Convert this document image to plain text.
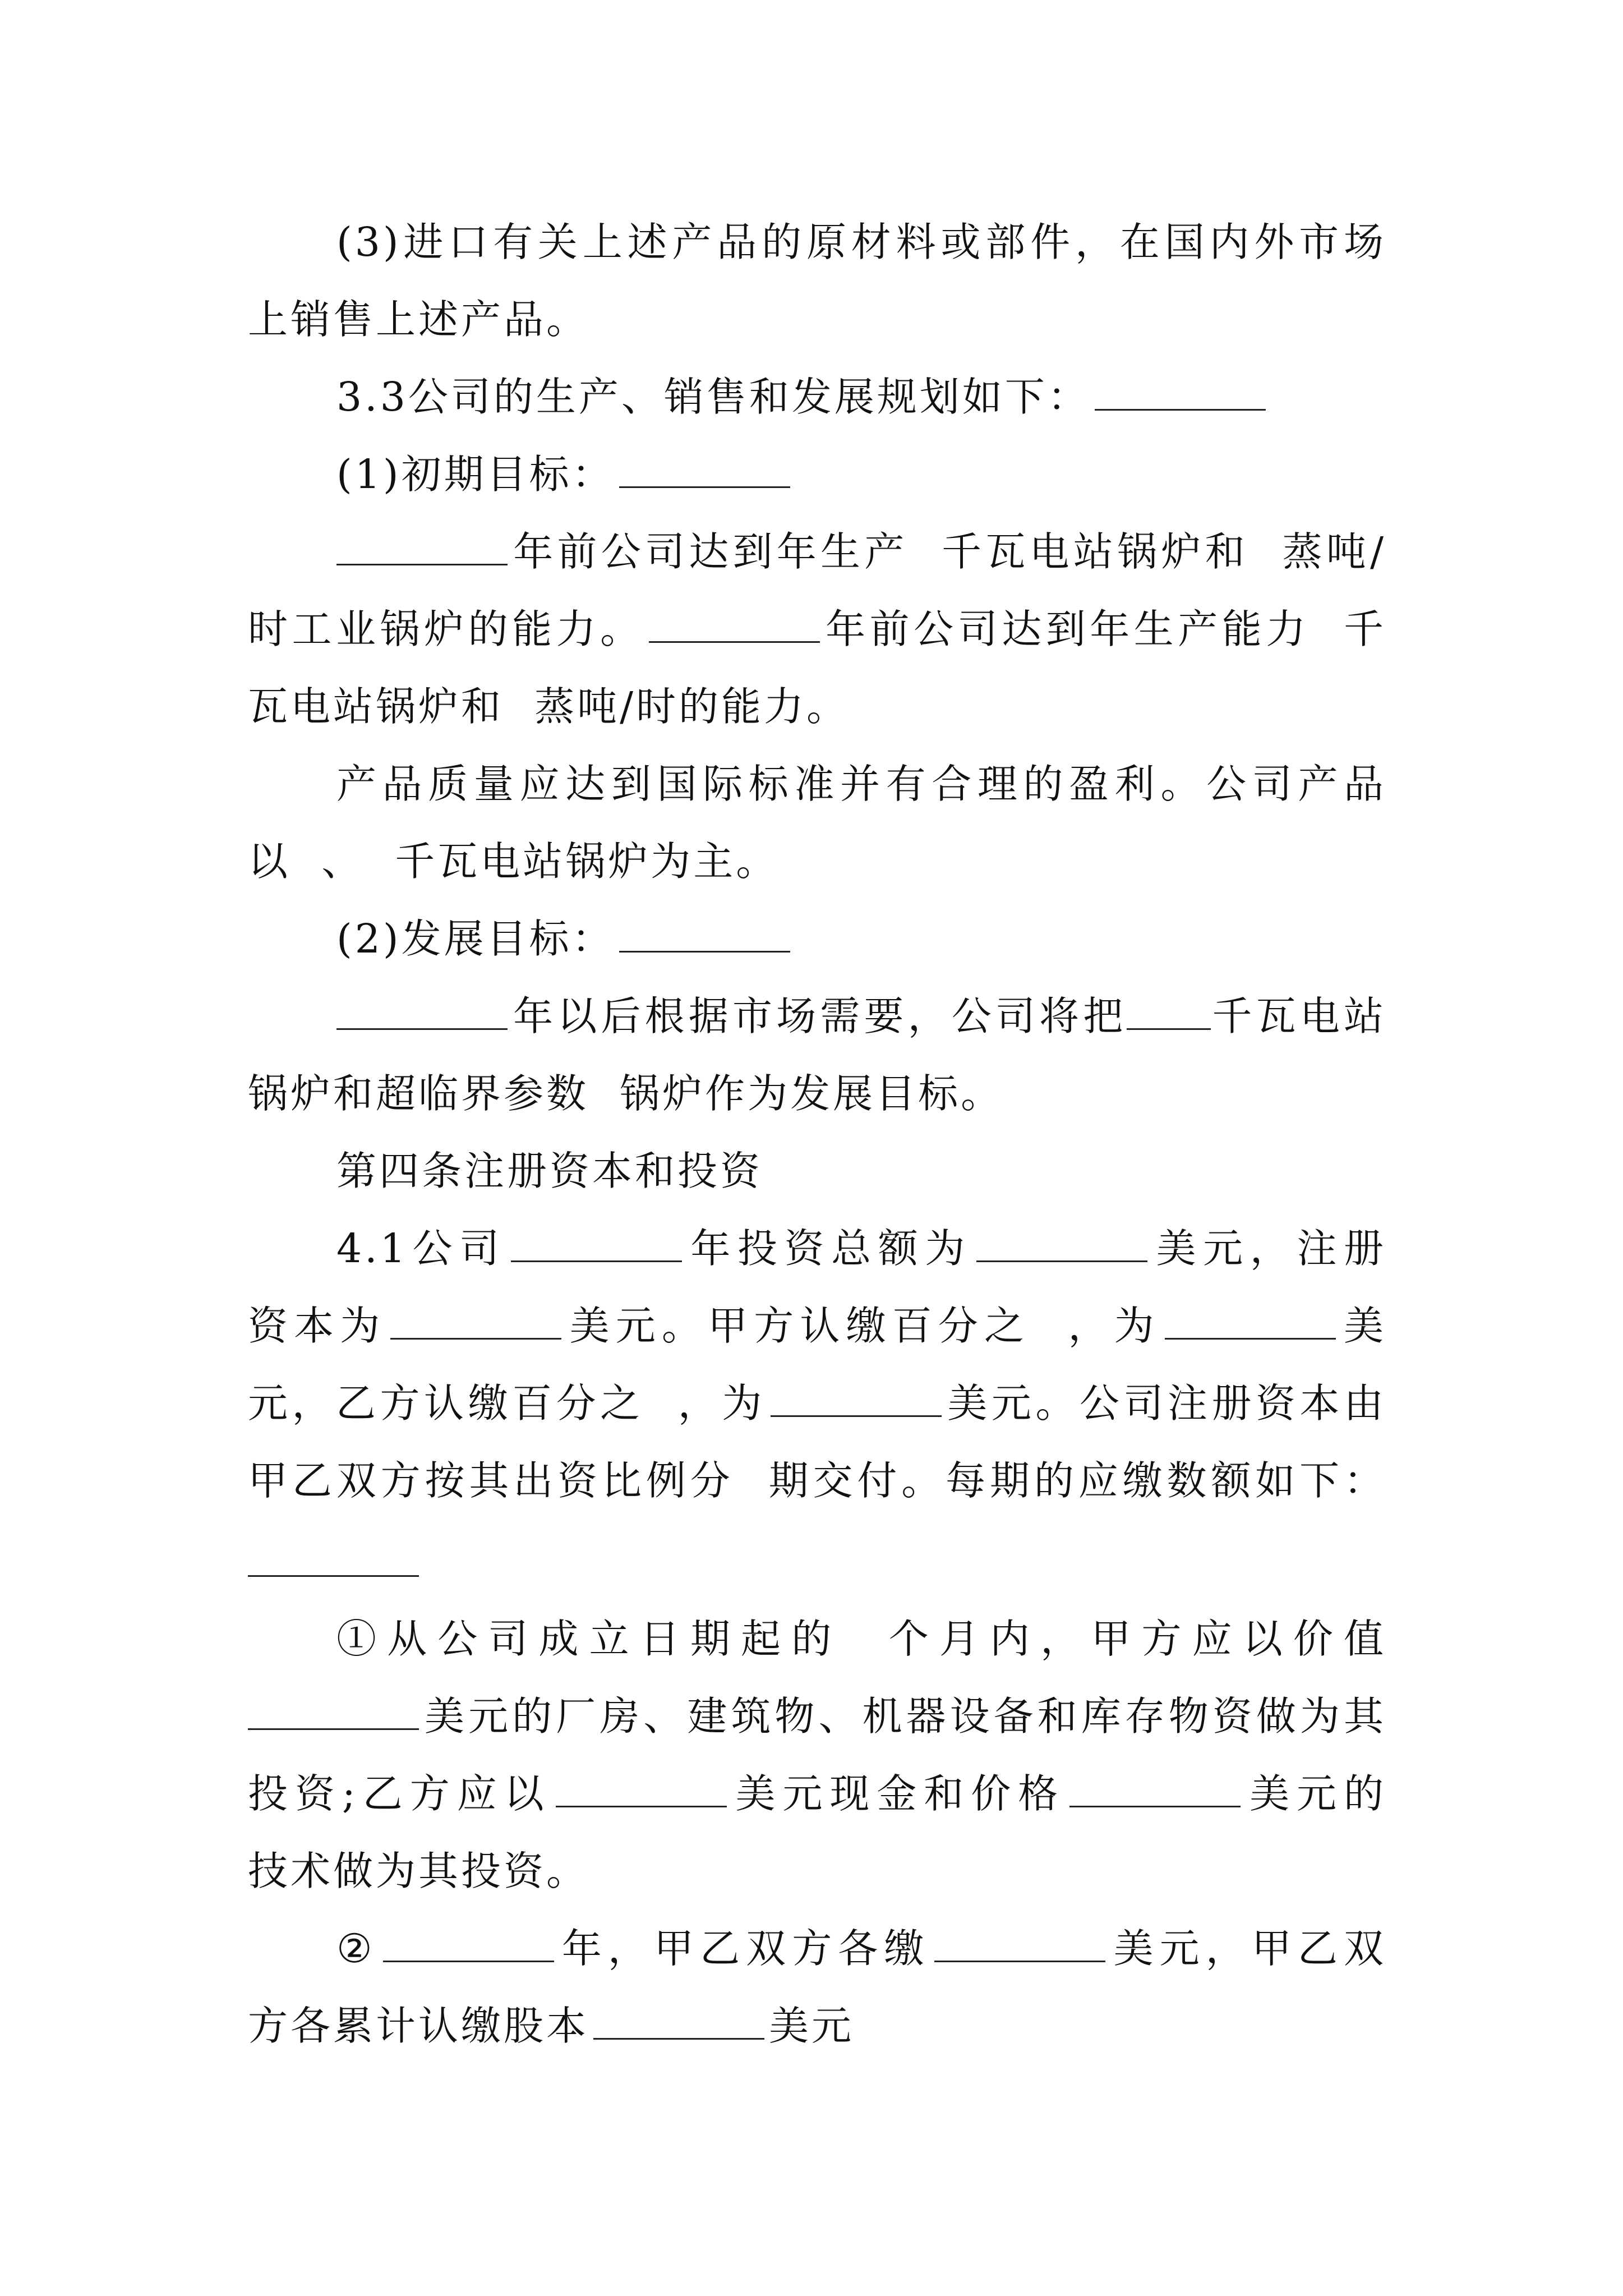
(3)进口有关上述产品的原材料或部件，在国内外市场
上销售上述产品。
3.3公司的生产、销售和发展规划如下：
(1)初期目标：
年前公司达到年生产  千瓦电站锅炉和  蒸吨/
时工业锅炉的能力。	年前公司达到年生产能力  千
瓦电站锅炉和  蒸吨/时的能力。
产品质量应达到国际标准并有合理的盈利。公司产品
以  、  千瓦电站锅炉为主。
(2)发展目标：
年以后根据市场需要，公司将把 千瓦电站
锅炉和超临界参数  锅炉作为发展目标。
第四条注册资本和投资
4.1公司	年投资总额为	美元，注册
资本为	美元。甲方认缴百分之  ，为	美
元，乙方认缴百分之  ，为	美元。公司注册资本由
甲乙双方按其出资比例分  期交付。每期的应缴数额如下：
①从公司成立日期起的  个月内，甲方应以价值
美元的厂房、建筑物、机器设备和库存物资做为其
投资;乙方应以	美元现金和价格	美元的
技术做为其投资。
②	年，甲乙双方各缴	美元，甲乙双
方各累计认缴股本	美元
